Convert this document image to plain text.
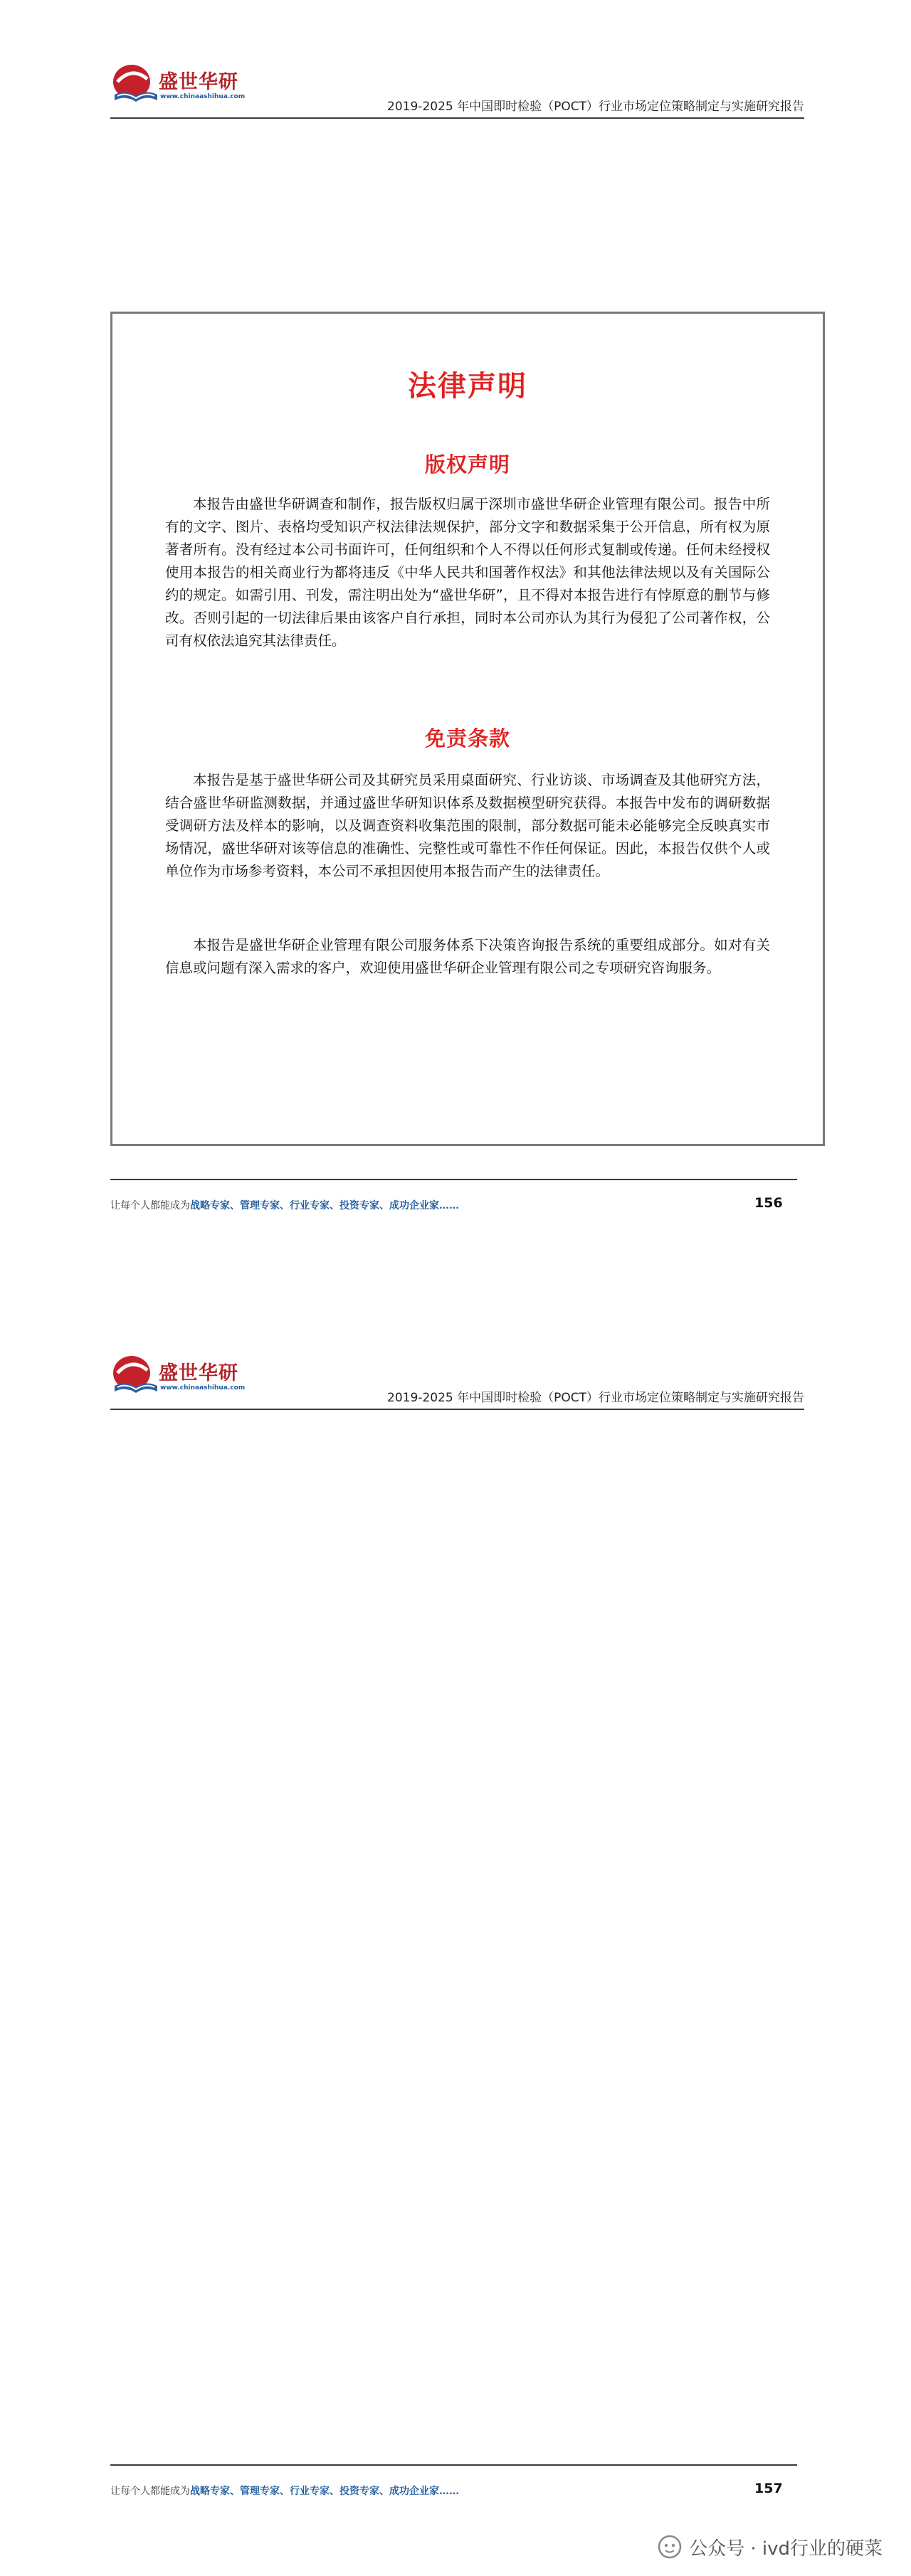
盛世华研
www.chinaashihua.com
2019-2025 年中国即时检验（POCT）行业市场定位策略制定与实施研究报告
法律声明
版权声明
本报告由盛世华研调查和制作，报告版权归属于深圳市盛世华研企业管理有限公司。报告中所有的文字、图片、表格均受知识产权法律法规保护，部分文字和数据采集于公开信息，所有权为原著者所有。没有经过本公司书面许可，任何组织和个人不得以任何形式复制或传递。任何未经授权使用本报告的相关商业行为都将违反《中华人民共和国著作权法》和其他法律法规以及有关国际公约的规定。如需引用、刊发，需注明出处为“盛世华研”，且不得对本报告进行有悖原意的删节与修改。否则引起的一切法律后果由该客户自行承担，同时本公司亦认为其行为侵犯了公司著作权，公司有权依法追究其法律责任。
免责条款
本报告是基于盛世华研公司及其研究员采用桌面研究、行业访谈、市场调查及其他研究方法，结合盛世华研监测数据，并通过盛世华研知识体系及数据模型研究获得。本报告中发布的调研数据受调研方法及样本的影响，以及调查资料收集范围的限制，部分数据可能未必能够完全反映真实市场情况，盛世华研对该等信息的准确性、完整性或可靠性不作任何保证。因此，本报告仅供个人或单位作为市场参考资料，本公司不承担因使用本报告而产生的法律责任。
本报告是盛世华研企业管理有限公司服务体系下决策咨询报告系统的重要组成部分。如对有关信息或问题有深入需求的客户，欢迎使用盛世华研企业管理有限公司之专项研究咨询服务。
让每个人都能成为战略专家、管理专家、行业专家、投资专家、成功企业家……	156
盛世华研
www.chinaashihua.com
2019-2025 年中国即时检验（POCT）行业市场定位策略制定与实施研究报告
让每个人都能成为战略专家、管理专家、行业专家、投资专家、成功企业家……	157
公众号 · ivd行业的硬菜
